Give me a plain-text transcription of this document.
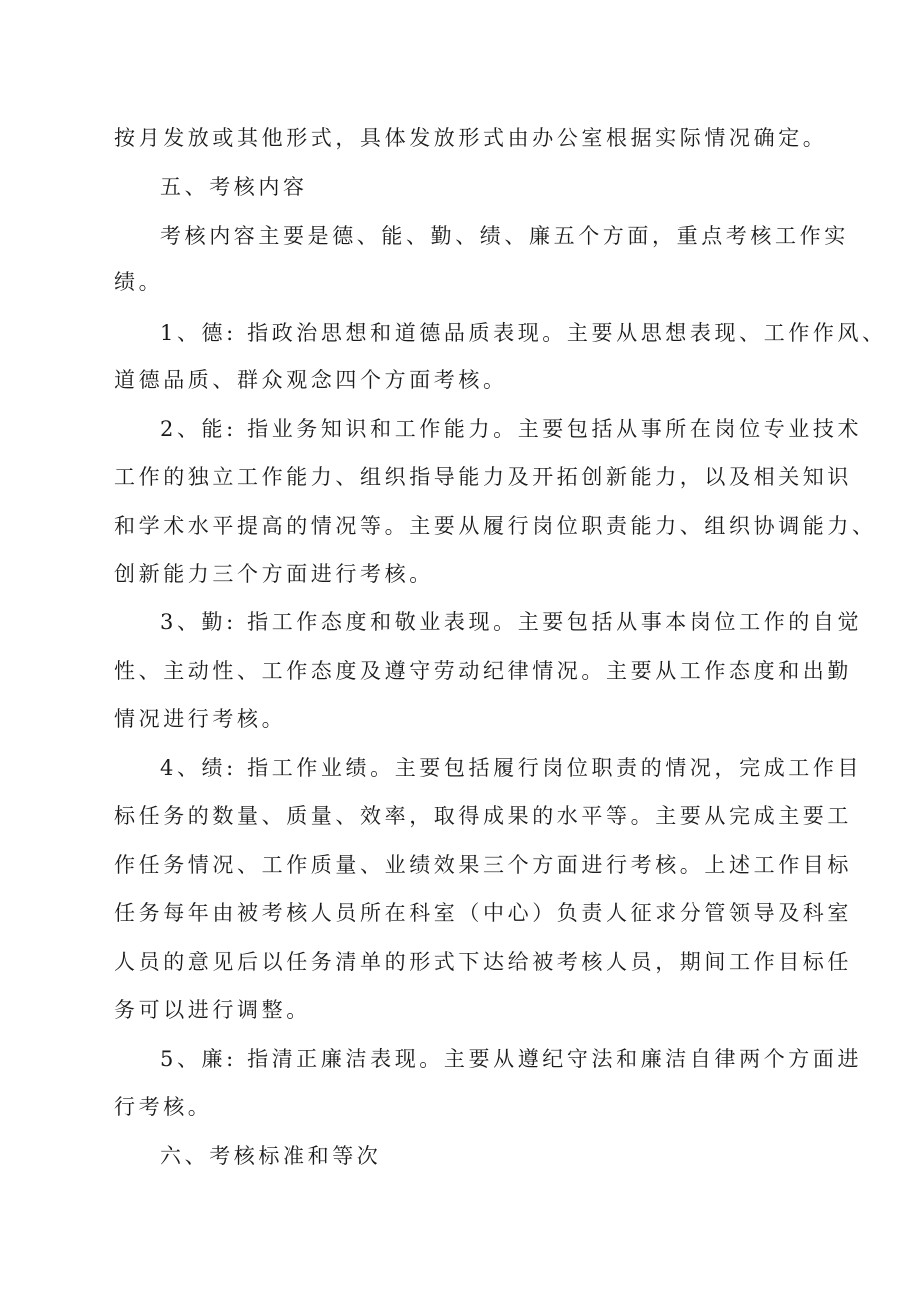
按月发放或其他形式，具体发放形式由办公室根据实际情况确定。
五、考核内容
考核内容主要是德、能、勤、绩、廉五个方面，重点考核工作实
绩。
1、德: 指政治思想和道德品质表现。主要从思想表现、工作作风、
道德品质、群众观念四个方面考核。
2、能: 指业务知识和工作能力。主要包括从事所在岗位专业技术
工作的独立工作能力、组织指导能力及开拓创新能力，以及相关知识
和学术水平提高的情况等。主要从履行岗位职责能力、组织协调能力、
创新能力三个方面进行考核。
3、勤: 指工作态度和敬业表现。主要包括从事本岗位工作的自觉
性、主动性、工作态度及遵守劳动纪律情况。主要从工作态度和出勤
情况进行考核。
4、绩: 指工作业绩。主要包括履行岗位职责的情况，完成工作目
标任务的数量、质量、效率，取得成果的水平等。主要从完成主要工
作任务情况、工作质量、业绩效果三个方面进行考核。上述工作目标
任务每年由被考核人员所在科室（中心）负责人征求分管领导及科室
人员的意见后以任务清单的形式下达给被考核人员，期间工作目标任
务可以进行调整。
5、廉: 指清正廉洁表现。主要从遵纪守法和廉洁自律两个方面进
行考核。
六、考核标准和等次
